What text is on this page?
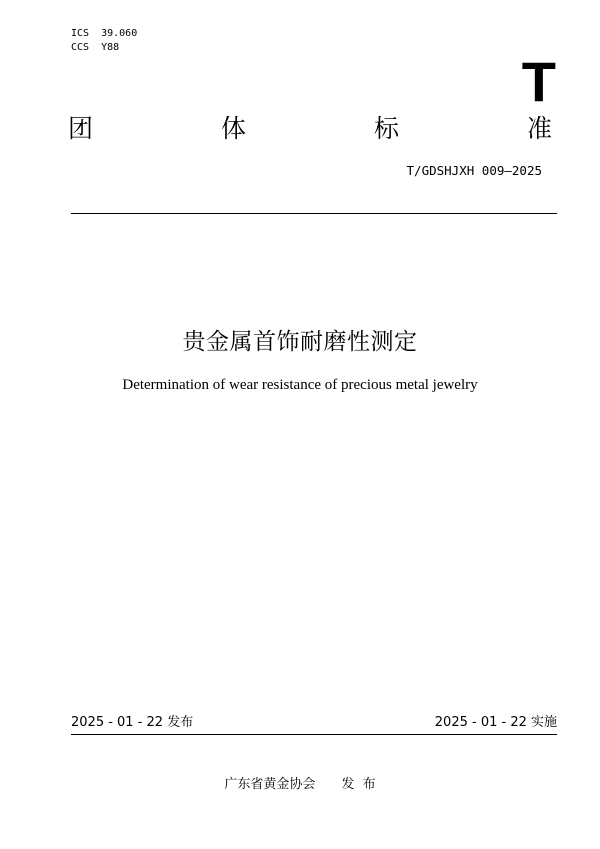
ICS  39.060
CCS  Y88
T
团	体	标	准
T/GDSHJXH 009—2025
贵金属首饰耐磨性测定
Determination of wear resistance of precious metal jewelry
2025 - 01 - 22 发布	2025 - 01 - 22 实施
广东省黄金协会 发  布
